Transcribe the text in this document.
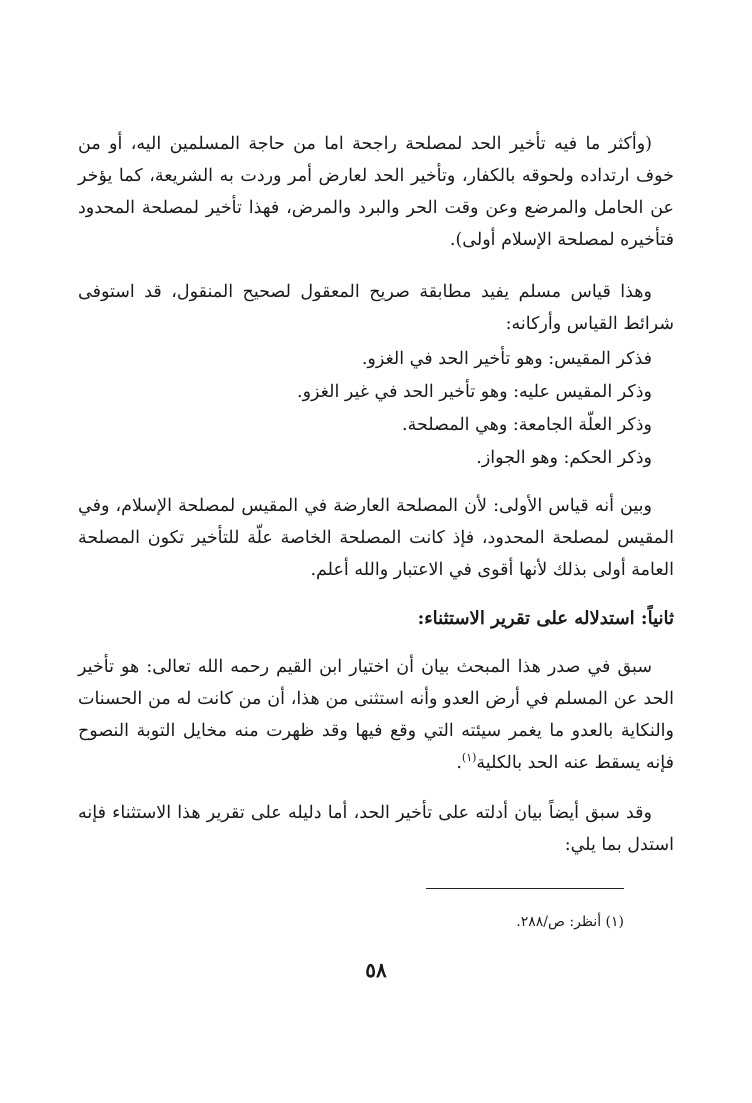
(وأكثر ما فيه تأخير الحد لمصلحة راجحة اما من حاجة المسلمين اليه، أو من خوف ارتداده ولحوقه بالكفار، وتأخير الحد لعارض أمر وردت به الشريعة، كما يؤخر عن الحامل والمرضع وعن وقت الحر والبرد والمرض، فهذا تأخير لمصلحة المحدود فتأخيره لمصلحة الإسلام أولى).

وهذا قياس مسلم يفيد مطابقة صريح المعقول لصحيح المنقول، قد استوفى شرائط القياس وأركانه:

فذكر المقيس: وهو تأخير الحد في الغزو.

وذكر المقيس عليه: وهو تأخير الحد في غير الغزو.

وذكر العلّة الجامعة: وهي المصلحة.

وذكر الحكم: وهو الجواز.

وبين أنه قياس الأولى: لأن المصلحة العارضة في المقيس لمصلحة الإسلام، وفي المقيس لمصلحة المحدود، فإذ كانت المصلحة الخاصة علّة للتأخير تكون المصلحة العامة أولى بذلك لأنها أقوى في الاعتبار والله أعلم.

ثانياً: استدلاله على تقرير الاستثناء:

سبق في صدر هذا المبحث بيان أن اختيار ابن القيم رحمه الله تعالى: هو تأخير الحد عن المسلم في أرض العدو وأنه استثنى من هذا، أن من كانت له من الحسنات والنكاية بالعدو ما يغمر سيئته التي وقع فيها وقد ظهرت منه مخايل التوبة النصوح فإنه يسقط عنه الحد بالكلية$^{(١)}$.

وقد سبق أيضاً بيان أدلته على تأخير الحد، أما دليله على تقرير هذا الاستثناء فإنه استدل بما يلي:

(١) أنظر: ص/٢٨٨.
٥٨
